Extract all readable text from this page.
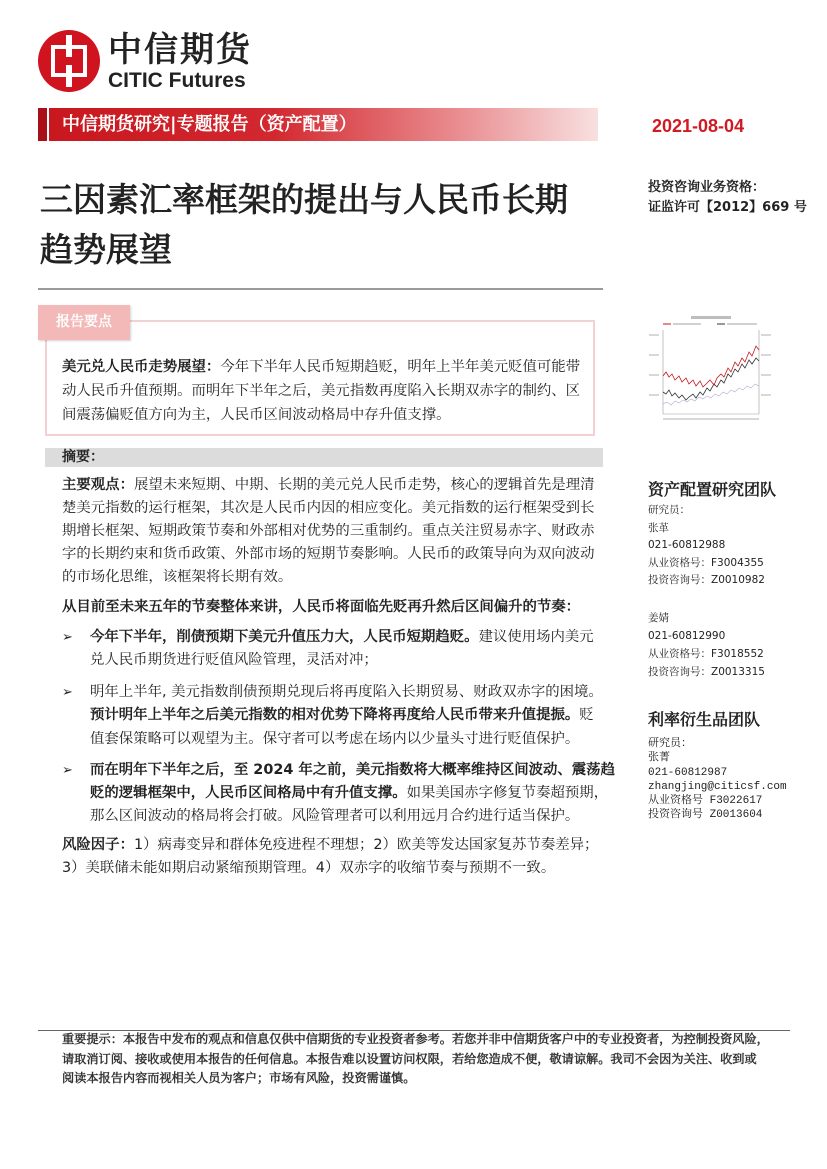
中信期货
CITIC Futures
中信期货研究|专题报告（资产配置）	2021-08-04
三因素汇率框架的提出与人民币长期
趋势展望
投资咨询业务资格：
证监许可【2012】669 号
报告要点
美元兑人民币走势展望：今年下半年人民币短期趋贬，明年上半年美元贬值可能带
动人民币升值预期。而明年下半年之后，美元指数再度陷入长期双赤字的制约、区
间震荡偏贬值方向为主，人民币区间波动格局中存升值支撑。
摘要：
主要观点：展望未来短期、中期、长期的美元兑人民币走势，核心的逻辑首先是理清
楚美元指数的运行框架，其次是人民币内因的相应变化。美元指数的运行框架受到长
期增长框架、短期政策节奏和外部相对优势的三重制约。重点关注贸易赤字、财政赤
字的长期约束和货币政策、外部市场的短期节奏影响。人民币的政策导向为双向波动
的市场化思维，该框架将长期有效。
从目前至未来五年的节奏整体来讲，人民币将面临先贬再升然后区间偏升的节奏：
➢ 今年下半年，削债预期下美元升值压力大，人民币短期趋贬。建议使用场内美元
兑人民币期货进行贬值风险管理，灵活对冲；
➢ 明年上半年, 美元指数削债预期兑现后将再度陷入长期贸易、财政双赤字的困境。
预计明年上半年之后美元指数的相对优势下降将再度给人民币带来升值提振。贬
值套保策略可以观望为主。保守者可以考虑在场内以少量头寸进行贬值保护。
➢ 而在明年下半年之后，至 2024 年之前，美元指数将大概率维持区间波动、震荡趋
贬的逻辑框架中，人民币区间格局中有升值支撑。如果美国赤字修复节奏超预期，
那么区间波动的格局将会打破。风险管理者可以利用远月合约进行适当保护。
风险因子：1）病毒变异和群体免疫进程不理想；2）欧美等发达国家复苏节奏差异；
3）美联储未能如期启动紧缩预期管理。4）双赤字的收缩节奏与预期不一致。
资产配置研究团队
研究员：
张革
021-60812988
从业资格号：F3004355
投资咨询号：Z0010982
姜婧
021-60812990
从业资格号：F3018552
投资咨询号：Z0013315
利率衍生品团队
研究员：
张菁
021-60812987
zhangjing@citicsf.com
从业资格号 F3022617
投资咨询号 Z0013604
重要提示：本报告中发布的观点和信息仅供中信期货的专业投资者参考。若您并非中信期货客户中的专业投资者，为控制投资风险，
请取消订阅、接收或使用本报告的任何信息。本报告难以设置访问权限，若给您造成不便，敬请谅解。我司不会因为关注、收到或
阅读本报告内容而视相关人员为客户；市场有风险，投资需谨慎。
